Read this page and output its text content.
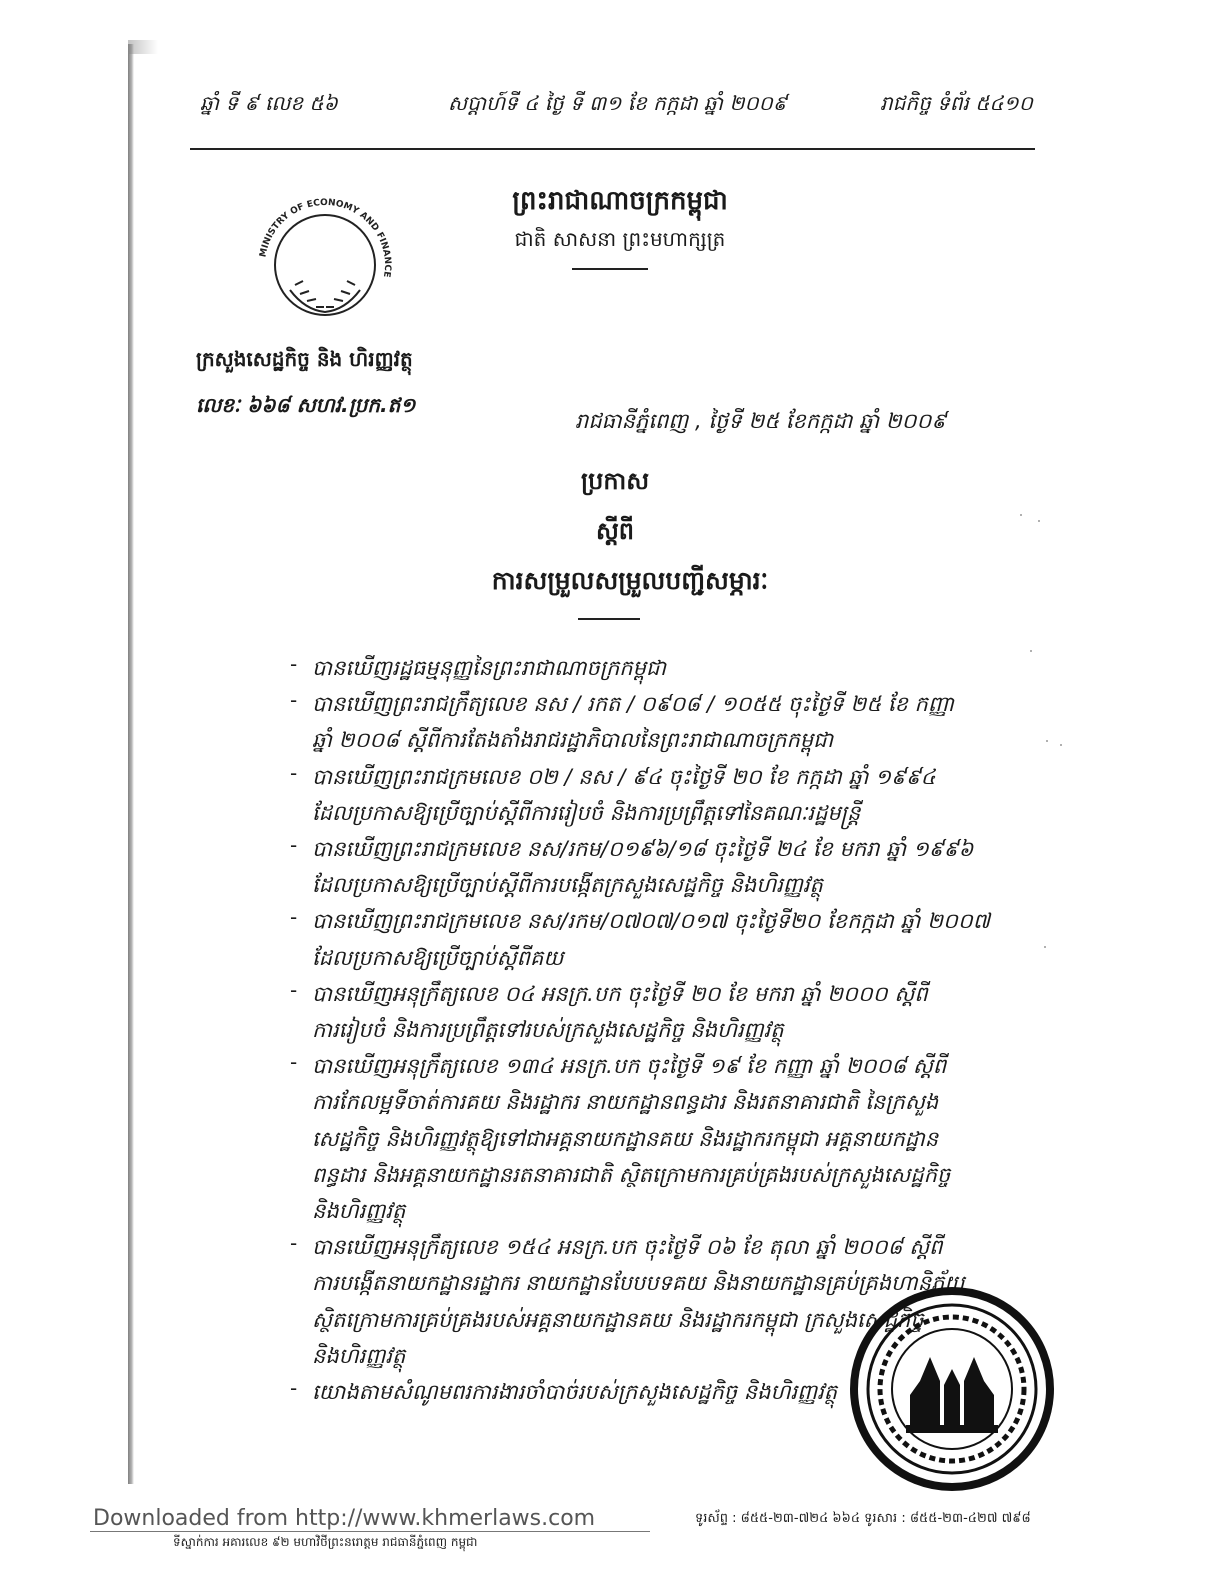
ឆ្នាំ ទី ៩ លេខ ៥៦	សប្តាហ៍ទី ៤ ថ្ងៃ ទី ៣១ ខែ កក្កដា ឆ្នាំ ២០០៩	រាជកិច្ច ទំព័រ ៥៤១០
ព្រះរាជាណាចក្រកម្ពុជា
ជាតិ សាសនា ព្រះមហាក្សត្រ
MINISTRY OF ECONOMY AND FINANCE
ក្រសួងសេដ្ឋកិច្ច និង ហិរញ្ញវត្ថុ
លេខៈ ៦៦៨ សហវ.ប្រក.ឥ១
រាជធានីភ្នំពេញ , ថ្ងៃទី ២៥ ខែកក្កដា ឆ្នាំ ២០០៩
ប្រកាស
ស្តីពី
ការសម្រួលសម្រួលបញ្ជីសម្ភារៈ
- បានឃើញរដ្ឋធម្មនុញ្ញនៃព្រះរាជាណាចក្រកម្ពុជា
- បានឃើញព្រះរាជក្រឹត្យលេខ នស / រកត / ០៩០៨ / ១០៥៥ ចុះថ្ងៃទី ២៥ ខែ កញ្ញា
ឆ្នាំ ២០០៨ ស្តីពីការតែងតាំងរាជរដ្ឋាភិបាលនៃព្រះរាជាណាចក្រកម្ពុជា
- បានឃើញព្រះរាជក្រមលេខ ០២ / នស / ៩៤ ចុះថ្ងៃទី ២០ ខែ កក្កដា ឆ្នាំ ១៩៩៤
ដែលប្រកាសឱ្យប្រើច្បាប់ស្តីពីការរៀបចំ និងការប្រព្រឹត្តទៅនៃគណៈរដ្ឋមន្ត្រី
- បានឃើញព្រះរាជក្រមលេខ នស/រកម/០១៩៦/១៨ ចុះថ្ងៃទី ២៤ ខែ មករា ឆ្នាំ ១៩៩៦
ដែលប្រកាសឱ្យប្រើច្បាប់ស្តីពីការបង្កើតក្រសួងសេដ្ឋកិច្ច និងហិរញ្ញវត្ថុ
- បានឃើញព្រះរាជក្រមលេខ នស/រកម/០៧០៧/០១៧ ចុះថ្ងៃទី២០ ខែកក្កដា ឆ្នាំ ២០០៧
ដែលប្រកាសឱ្យប្រើច្បាប់ស្តីពីគយ
- បានឃើញអនុក្រឹត្យលេខ ០៤ អនក្រ.បក ចុះថ្ងៃទី ២០ ខែ មករា ឆ្នាំ ២០០០ ស្តីពី
ការរៀបចំ និងការប្រព្រឹត្តទៅរបស់ក្រសួងសេដ្ឋកិច្ច និងហិរញ្ញវត្ថុ
- បានឃើញអនុក្រឹត្យលេខ ១៣៤ អនក្រ.បក ចុះថ្ងៃទី ១៩ ខែ កញ្ញា ឆ្នាំ ២០០៨ ស្តីពី
ការកែលម្អទីចាត់ការគយ និងរដ្ឋាករ នាយកដ្ឋានពន្ធដារ និងរតនាគារជាតិ នៃក្រសួង
សេដ្ឋកិច្ច និងហិរញ្ញវត្ថុឱ្យទៅជាអគ្គនាយកដ្ឋានគយ និងរដ្ឋាករកម្ពុជា អគ្គនាយកដ្ឋាន
ពន្ធដារ និងអគ្គនាយកដ្ឋានរតនាគារជាតិ ស្ថិតក្រោមការគ្រប់គ្រងរបស់ក្រសួងសេដ្ឋកិច្ច
និងហិរញ្ញវត្ថុ
- បានឃើញអនុក្រឹត្យលេខ ១៥៤ អនក្រ.បក ចុះថ្ងៃទី ០៦ ខែ តុលា ឆ្នាំ ២០០៨ ស្តីពី
ការបង្កើតនាយកដ្ឋានរដ្ឋាករ នាយកដ្ឋានបែបបទគយ និងនាយកដ្ឋានគ្រប់គ្រងហានិភ័យ
ស្ថិតក្រោមការគ្រប់គ្រងរបស់អគ្គនាយកដ្ឋានគយ និងរដ្ឋាករកម្ពុជា ក្រសួងសេដ្ឋកិច្ច
និងហិរញ្ញវត្ថុ
- យោងតាមសំណូមពរការងារចាំបាច់របស់ក្រសួងសេដ្ឋកិច្ច និងហិរញ្ញវត្ថុ
Downloaded from http://www.khmerlaws.com
ទីស្នាក់ការ អគារលេខ ៩២ មហាវិថីព្រះនរោត្តម រាជធានីភ្នំពេញ កម្ពុជា
ទូរស័ព្ទ : ៨៥៥-២៣-៧២៤ ៦៦៤ ទូរសារ : ៨៥៥-២៣-៤២៧ ៧៩៨
